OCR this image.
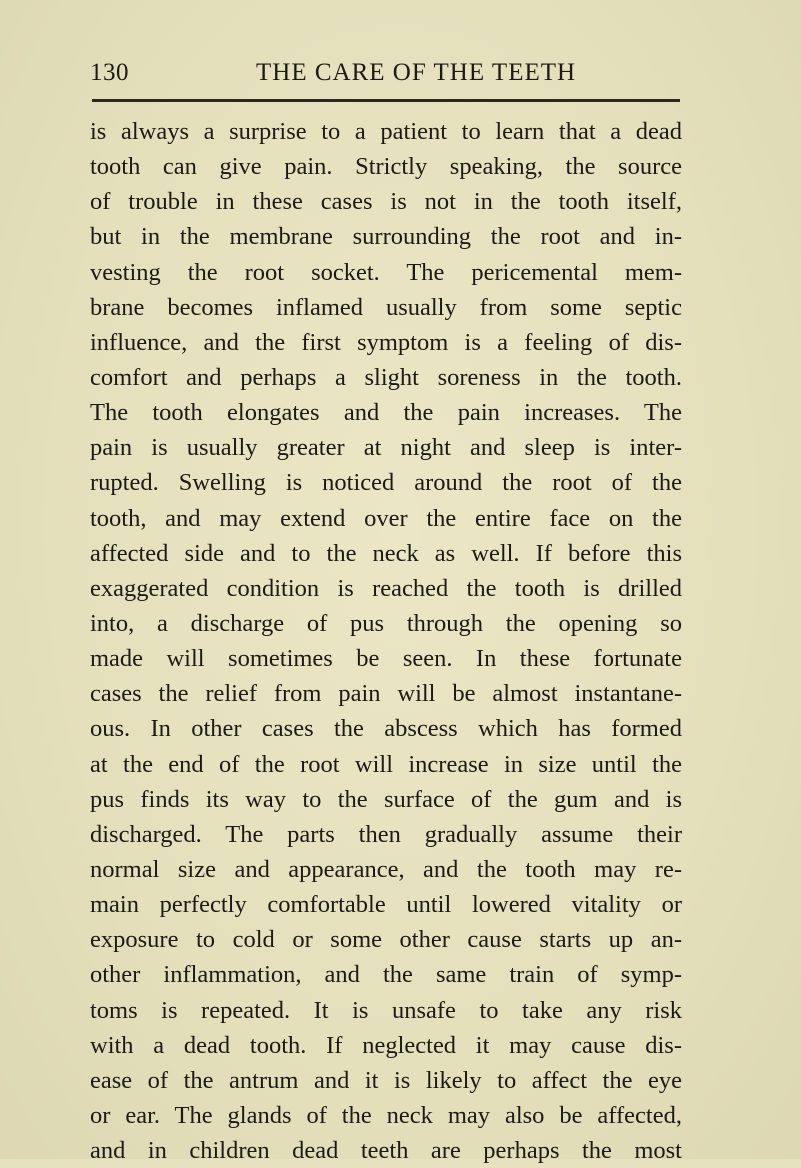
130	THE CARE OF THE TEETH
is always a surprise to a patient to learn that a dead
tooth can give pain. Strictly speaking, the source
of trouble in these cases is not in the tooth itself,
but in the membrane surrounding the root and in-
vesting the root socket. The pericemental mem-
brane becomes inflamed usually from some septic
influence, and the first symptom is a feeling of dis-
comfort and perhaps a slight soreness in the tooth.
The tooth elongates and the pain increases. The
pain is usually greater at night and sleep is inter-
rupted. Swelling is noticed around the root of the
tooth, and may extend over the entire face on the
affected side and to the neck as well. If before this
exaggerated condition is reached the tooth is drilled
into, a discharge of pus through the opening so
made will sometimes be seen. In these fortunate
cases the relief from pain will be almost instantane-
ous. In other cases the abscess which has formed
at the end of the root will increase in size until the
pus finds its way to the surface of the gum and is
discharged. The parts then gradually assume their
normal size and appearance, and the tooth may re-
main perfectly comfortable until lowered vitality or
exposure to cold or some other cause starts up an-
other inflammation, and the same train of symp-
toms is repeated. It is unsafe to take any risk
with a dead tooth. If neglected it may cause dis-
ease of the antrum and it is likely to affect the eye
or ear. The glands of the neck may also be affected,
and in children dead teeth are perhaps the most
